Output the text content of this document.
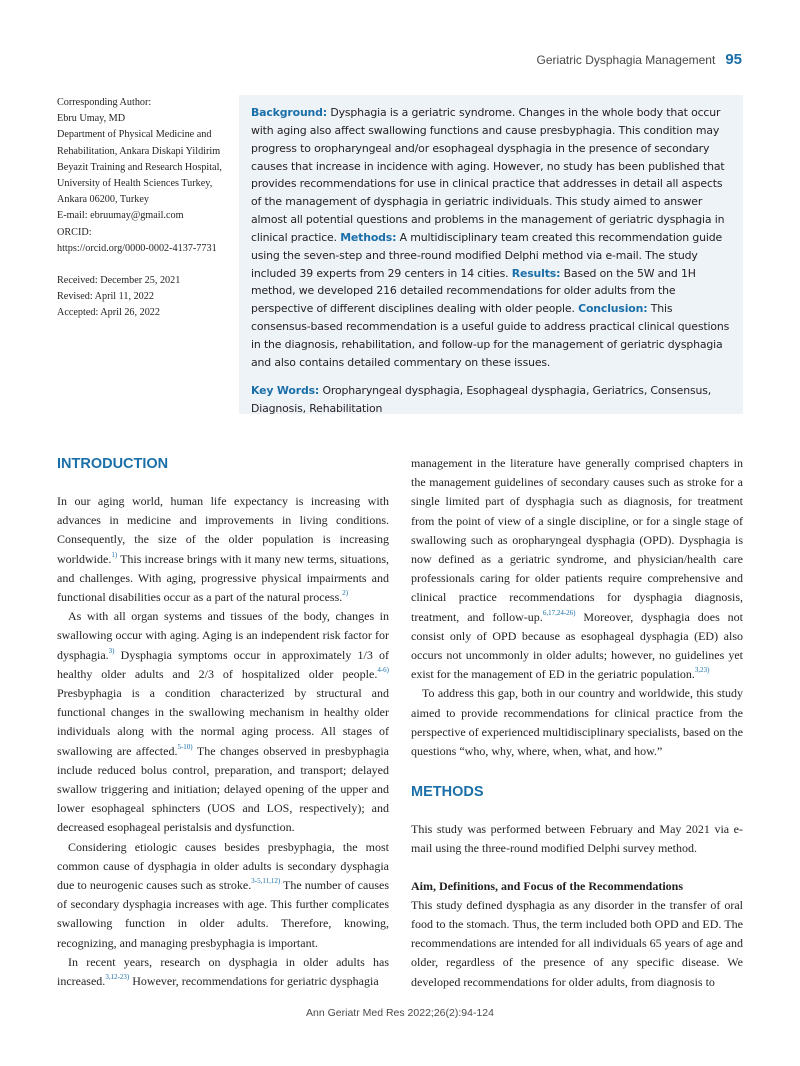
Geriatric Dysphagia Management 95

Corresponding Author:

Ebru Umay, MD

Department of Physical Medicine and

Rehabilitation, Ankara Diskapi Yildirim

Beyazit Training and Research Hospital,

University of Health Sciences Turkey,

Ankara 06200, Turkey

E-mail: ebruumay@gmail.com

ORCID:

https://orcid.org/0000-0002-4137-7731

Received: December 25, 2021

Revised: April 11, 2022

Accepted: April 26, 2022

Background: Dysphagia is a geriatric syndrome. Changes in the whole body that occur with aging also affect swallowing functions and cause presbyphagia. This condition may progress to oropharyngeal and/or esophageal dysphagia in the presence of secondary causes that increase in incidence with aging. However, no study has been published that provides recommendations for use in clinical practice that addresses in detail all aspects of the management of dysphagia in geriatric individuals. This study aimed to answer almost all potential questions and problems in the management of geriatric dysphagia in clinical practice. Methods: A multidisciplinary team created this recommendation guide using the seven-step and three-round modified Delphi method via e-mail. The study included 39 experts from 29 centers in 14 cities. Results: Based on the 5W and 1H method, we developed 216 detailed recommendations for older adults from the perspective of different disciplines dealing with older people. Conclusion: This consensus-based recommendation is a useful guide to address practical clinical questions in the diagnosis, rehabilitation, and follow-up for the management of geriatric dysphagia and also contains detailed commentary on these issues.

Key Words: Oropharyngeal dysphagia, Esophageal dysphagia, Geriatrics, Consensus, Diagnosis, Rehabilitation

INTRODUCTION

In our aging world, human life expectancy is increasing with advances in medicine and improvements in living conditions. Consequently, the size of the older population is increasing worldwide.$^{1)}$ This increase brings with it many new terms, situations, and challenges. With aging, progressive physical impairments and functional disabilities occur as a part of the natural process.$^{2)}$

As with all organ systems and tissues of the body, changes in swallowing occur with aging. Aging is an independent risk factor for dysphagia.$^{3)}$ Dysphagia symptoms occur in approximately 1/3 of healthy older adults and 2/3 of hospitalized older people.$^{4-6)}$ Presbyphagia is a condition characterized by structural and functional changes in the swallowing mechanism in healthy older individuals along with the normal aging process. All stages of swallowing are affected.$^{5-10)}$ The changes observed in presbyphagia include reduced bolus control, preparation, and transport; delayed swallow triggering and initiation; delayed opening of the upper and lower esophageal sphincters (UOS and LOS, respectively); and decreased esophageal peristalsis and dysfunction.

Considering etiologic causes besides presbyphagia, the most common cause of dysphagia in older adults is secondary dysphagia due to neurogenic causes such as stroke.$^{3-5,11,12)}$ The number of causes of secondary dysphagia increases with age. This further complicates swallowing function in older adults. Therefore, knowing, recognizing, and managing presbyphagia is important.

In recent years, research on dysphagia in older adults has increased.$^{3,12-23)}$ However, recommendations for geriatric dysphagia

management in the literature have generally comprised chapters in the management guidelines of secondary causes such as stroke for a single limited part of dysphagia such as diagnosis, for treatment from the point of view of a single discipline, or for a single stage of swallowing such as oropharyngeal dysphagia (OPD). Dysphagia is now defined as a geriatric syndrome, and physician/health care professionals caring for older patients require comprehensive and clinical practice recommendations for dysphagia diagnosis, treatment, and follow-up.$^{6,17,24-26)}$ Moreover, dysphagia does not consist only of OPD because as esophageal dysphagia (ED) also occurs not uncommonly in older adults; however, no guidelines yet exist for the management of ED in the geriatric population.$^{3,23)}$

To address this gap, both in our country and worldwide, this study aimed to provide recommendations for clinical practice from the perspective of experienced multidisciplinary specialists, based on the questions “who, why, where, when, what, and how.”

METHODS

This study was performed between February and May 2021 via e-mail using the three-round modified Delphi survey method.

Aim, Definitions, and Focus of the Recommendations

This study defined dysphagia as any disorder in the transfer of oral food to the stomach. Thus, the term included both OPD and ED. The recommendations are intended for all individuals 65 years of age and older, regardless of the presence of any specific disease. We developed recommendations for older adults, from diagnosis to

Ann Geriatr Med Res 2022;26(2):94-124
